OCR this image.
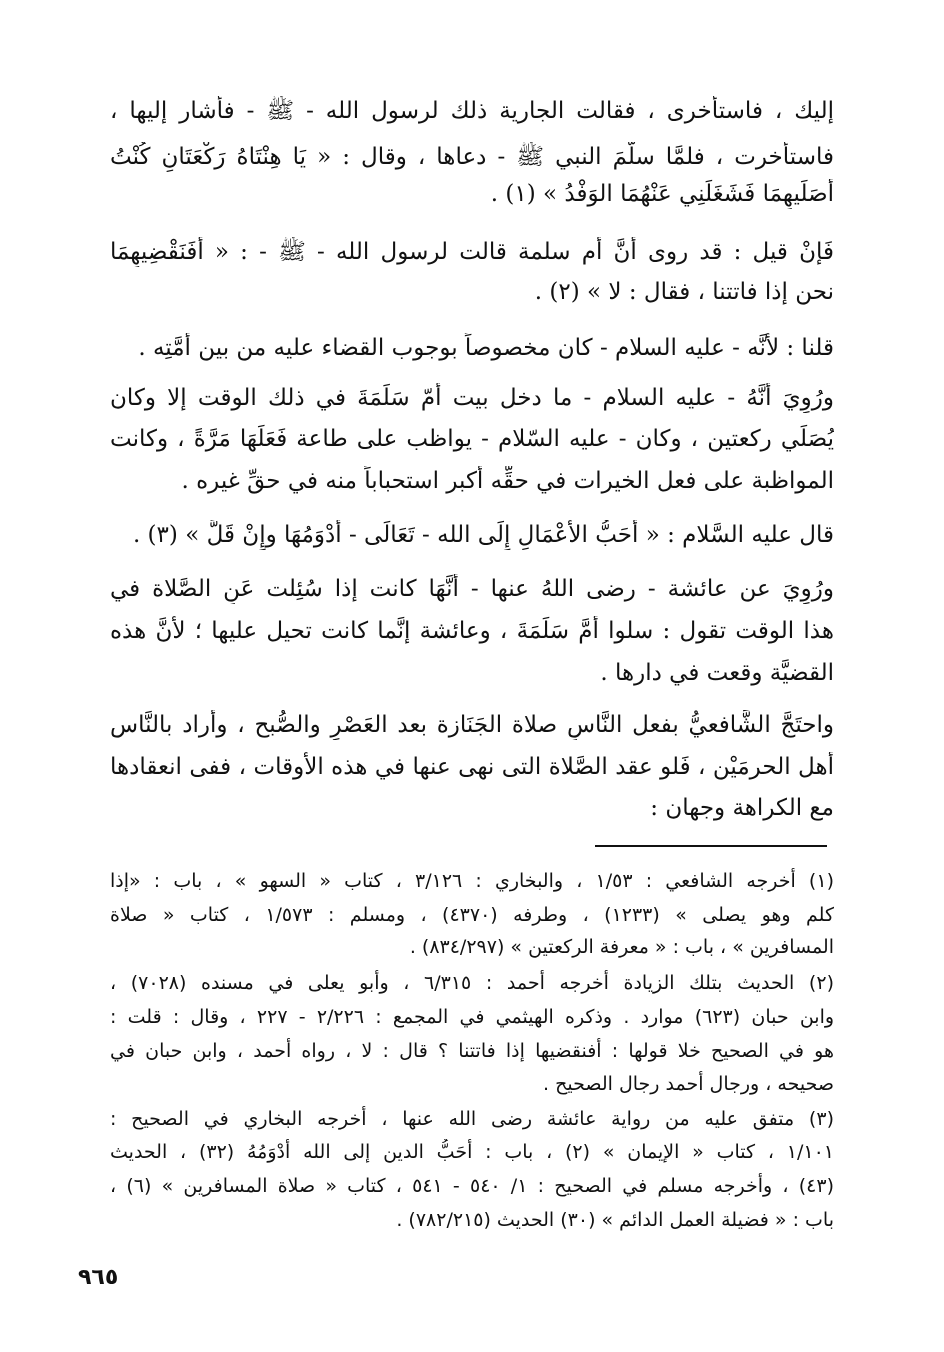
إليك ، فاستأخرى ، فقالت الجارية ذلك لرسول الله - ﷺ - فأشار إليها ،
فاستأخرت ، فلمَّا سلَّمَ النبي ﷺ - دعاها ، وقال : « يَا هِنْتَاهُ رَكْعَتَانِ كُنْتُ
أُصَلِّيهِمَا فَشَغَلَنِي عَنْهُمَا الوَفْدُ » (١) .
فَإنْ قيل : قد روى أنَّ أم سلمة قالت لرسول الله - ﷺ - : « أَفَنَقْضِيهِمَا
نحن إذا فاتتنا ، فقال : لا » (٢) .
قلنا : لأنَّه - عليه السلام - كان مخصوصاً بوجوب القضاء عليه من بين أُمَّتِه .
ورُوِيَ أنَّهُ - عليه السلام - ما دخل بيت أمّ سَلَمَةَ في ذلك الوقت إلا وكان
يُصَلِّي ركعتين ، وكان - عليه السّلام - يواظب على طاعة فَعَلَهَا مَرَّةً ، وكانت
المواظبة على فعل الخيرات في حقِّه أكبر استحباباً منه في حقِّ غيره .
قال عليه السَّلام : « أَحَبُّ الأَعْمَالِ إِلَى الله - تَعَالَى - أَدْوَمُهَا وإِنْ قَلَّ » (٣) .
ورُوِيَ عن عائشة - رضى اللهُ عنها - أنَّهَا كانت إذا سُئِلت عَنِ الصَّلاة في
هذا الوقت تقول : سلوا أُمَّ سَلَمَةَ ، وعائشة إنَّما كانت تحيل عليها ؛ لأنَّ هذه
القضيَّة وقعت في دارها .
واحتَجَّ الشَّافعيُّ بفعل النَّاسِ صلاة الجَنَازة بعد العَصْرِ والصُّبح ، وأراد بالنَّاس
أهل الحرمَيْن ، فَلو عقد الصَّلاة التى نهى عنها في هذه الأوقات ، ففى انعقادها
مع الكراهة وجهان :
(١) أخرجه الشافعي : ١/٥٣ ، والبخاري : ٣/١٢٦ ، كتاب « السهو » ، باب : «إذا
كلم وهو يصلى » (١٢٣٣) ، وطرفه (٤٣٧٠) ، ومسلم : ١/٥٧٣ ، كتاب « صلاة
المسافرين » ، باب : « معرفة الركعتين » (٨٣٤/٢٩٧) .
(٢) الحديث بتلك الزيادة أخرجه أحمد : ٦/٣١٥ ، وأبو يعلى في مسنده (٧٠٢٨) ،
وابن حبان (٦٢٣) موارد . وذكره الهيثمي في المجمع : ٢/٢٢٦ - ٢٢٧ ، وقال : قلت :
هو في الصحيح خلا قولها : أفنقضيها إذا فاتتنا ؟ قال : لا ، رواه أحمد ، وابن حبان في
صحيحه ، ورجال أحمد رجال الصحيح .
(٣) متفق عليه من رواية عائشة رضى الله عنها ، أخرجه البخاري في الصحيح :
١/١٠١ ، كتاب « الإيمان » (٢) ، باب : أَحَبُّ الدين إلى الله أَدْوَمُهُ (٣٢) ، الحديث
(٤٣) ، وأخرجه مسلم في الصحيح : ١/ ٥٤٠ - ٥٤١ ، كتاب « صلاة المسافرين » (٦) ،
باب : « فضيلة العمل الدائم » (٣٠) الحديث (٧٨٢/٢١٥) .
٩٦٥
